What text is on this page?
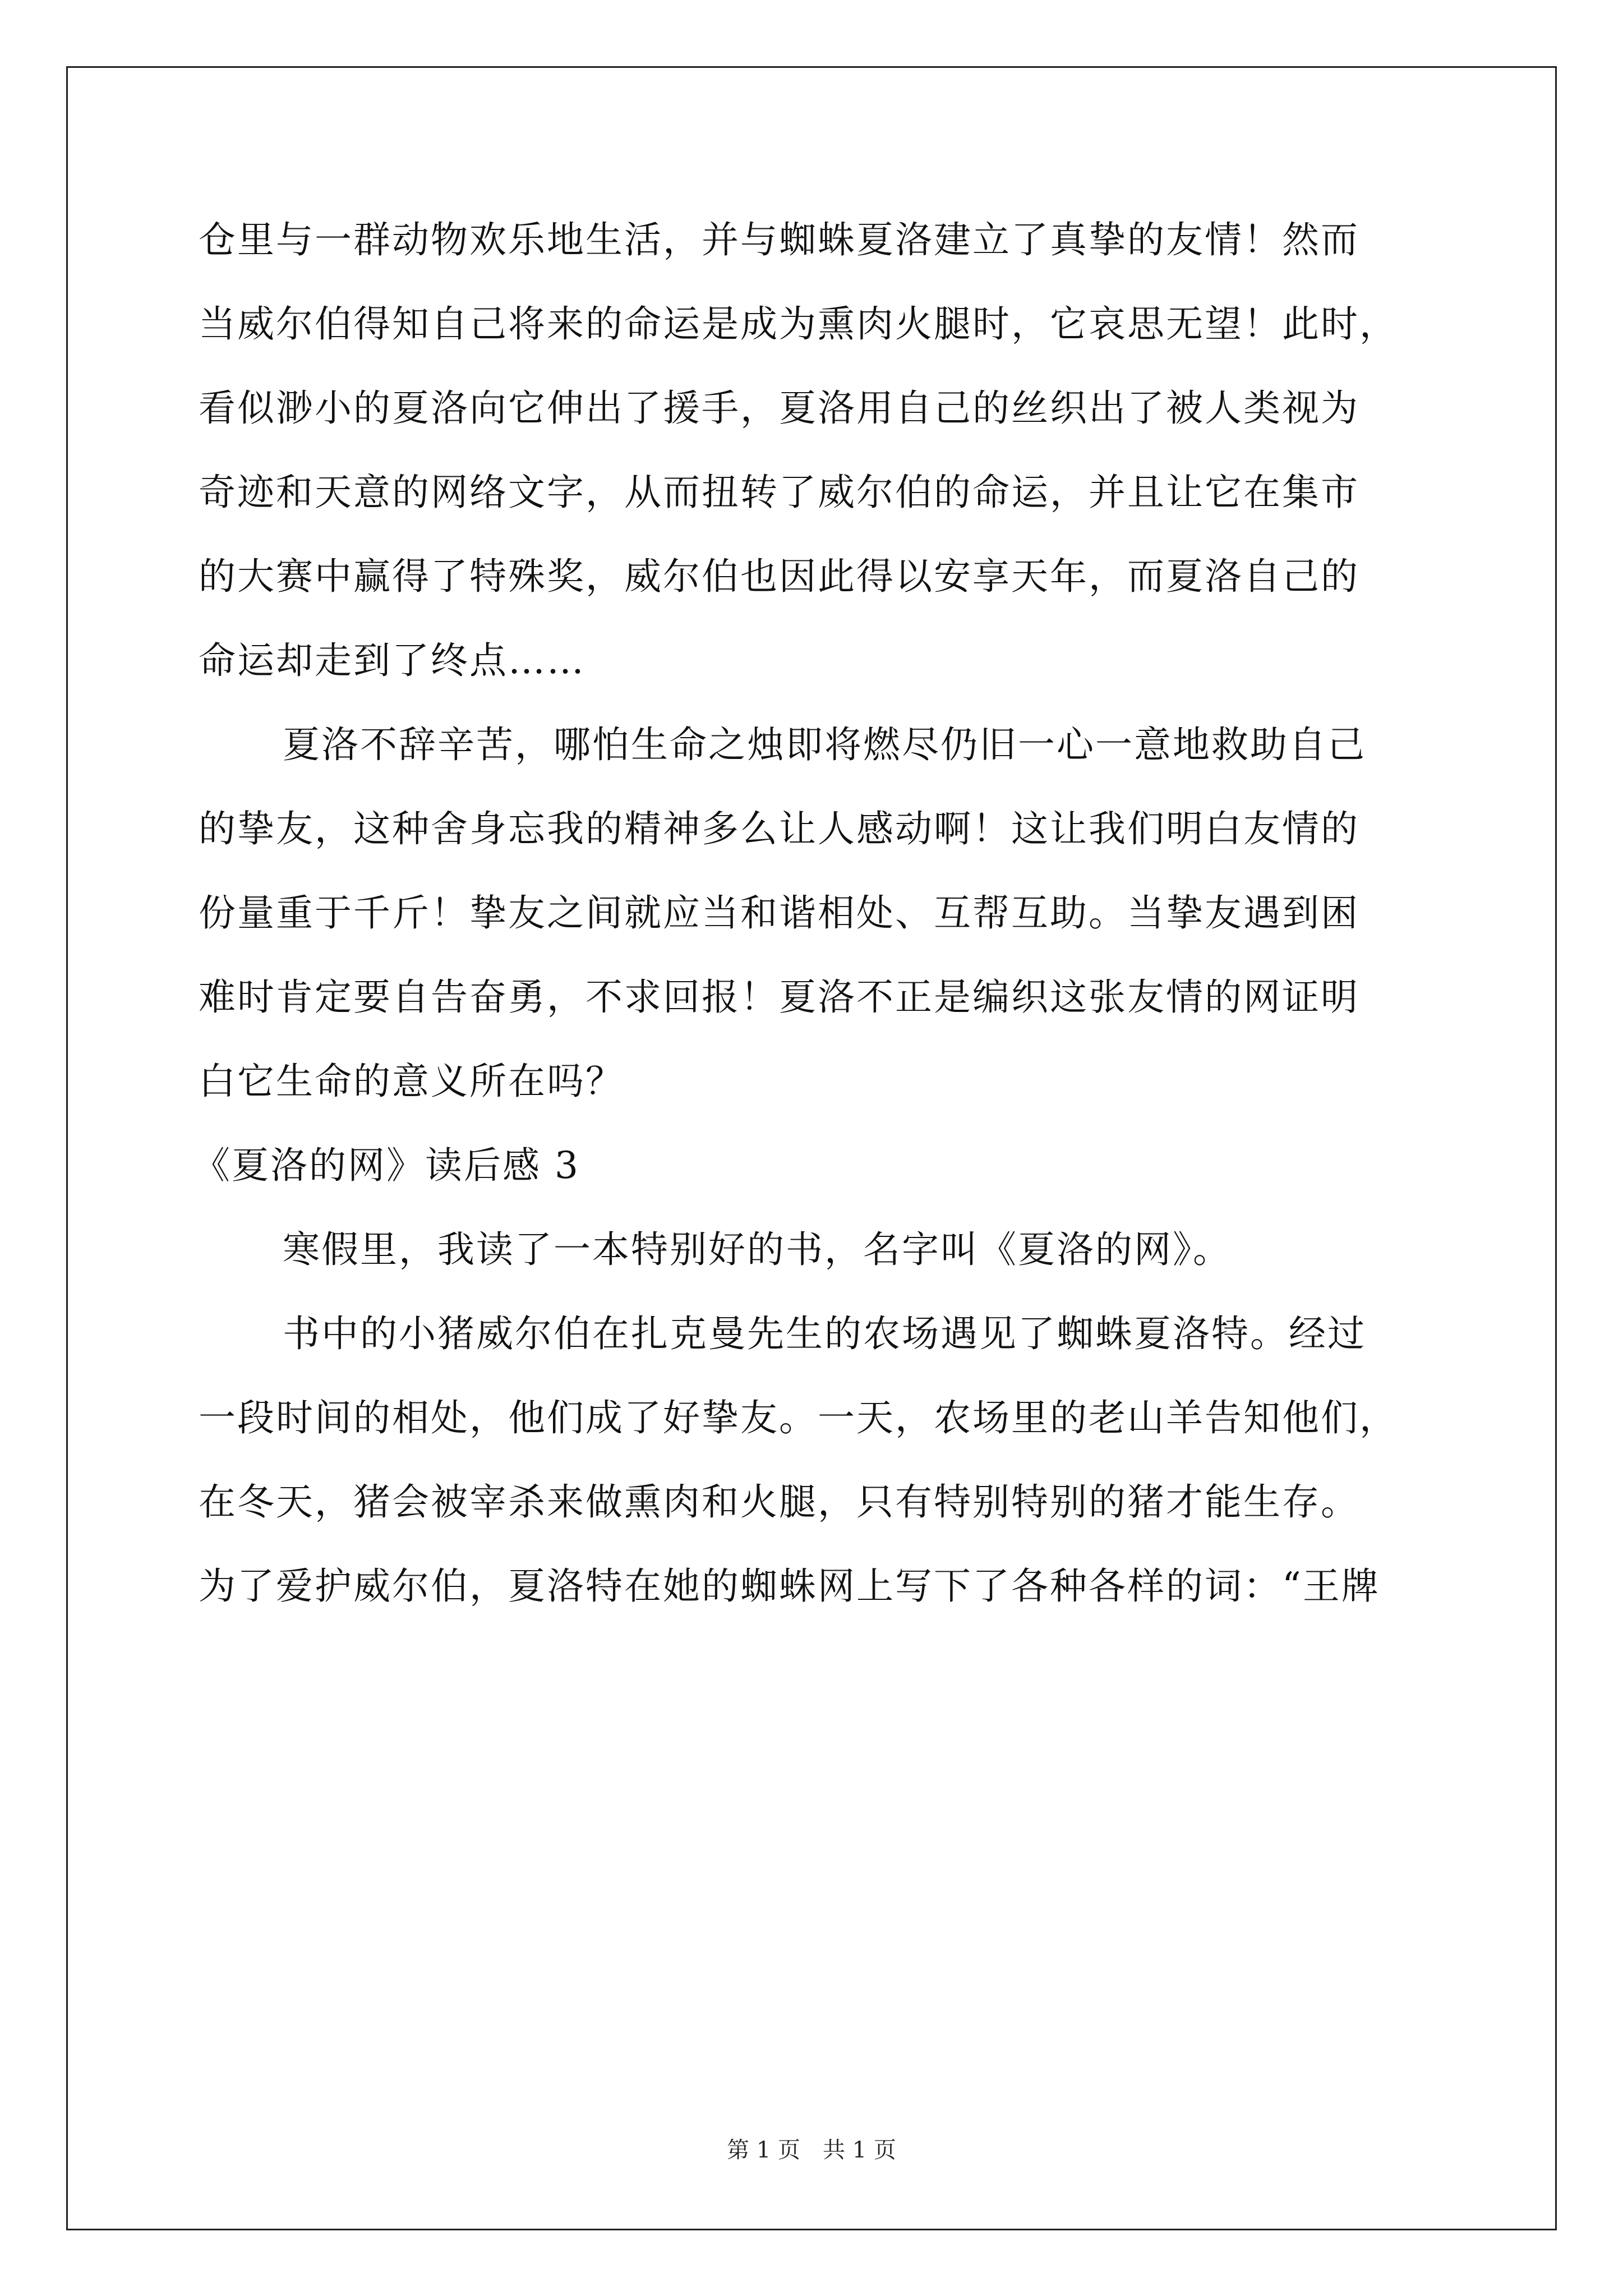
仓里与一群动物欢乐地生活，并与蜘蛛夏洛建立了真挚的友情！然而
当威尔伯得知自己将来的命运是成为熏肉火腿时，它哀思无望！此时，
看似渺小的夏洛向它伸出了援手，夏洛用自己的丝织出了被人类视为
奇迹和天意的网络文字，从而扭转了威尔伯的命运，并且让它在集市
的大赛中赢得了特殊奖，威尔伯也因此得以安享天年，而夏洛自己的
命运却走到了终点……
夏洛不辞辛苦，哪怕生命之烛即将燃尽仍旧一心一意地救助自己
的挚友，这种舍身忘我的精神多么让人感动啊！这让我们明白友情的
份量重于千斤！挚友之间就应当和谐相处、互帮互助。当挚友遇到困
难时肯定要自告奋勇，不求回报！夏洛不正是编织这张友情的网证明
白它生命的意义所在吗？
《夏洛的网》读后感 3
寒假里，我读了一本特别好的书，名字叫《夏洛的网》。
书中的小猪威尔伯在扎克曼先生的农场遇见了蜘蛛夏洛特。经过
一段时间的相处，他们成了好挚友。一天，农场里的老山羊告知他们，
在冬天，猪会被宰杀来做熏肉和火腿，只有特别特别的猪才能生存。
为了爱护威尔伯，夏洛特在她的蜘蛛网上写下了各种各样的词：“王牌
第 1 页　共 1 页
